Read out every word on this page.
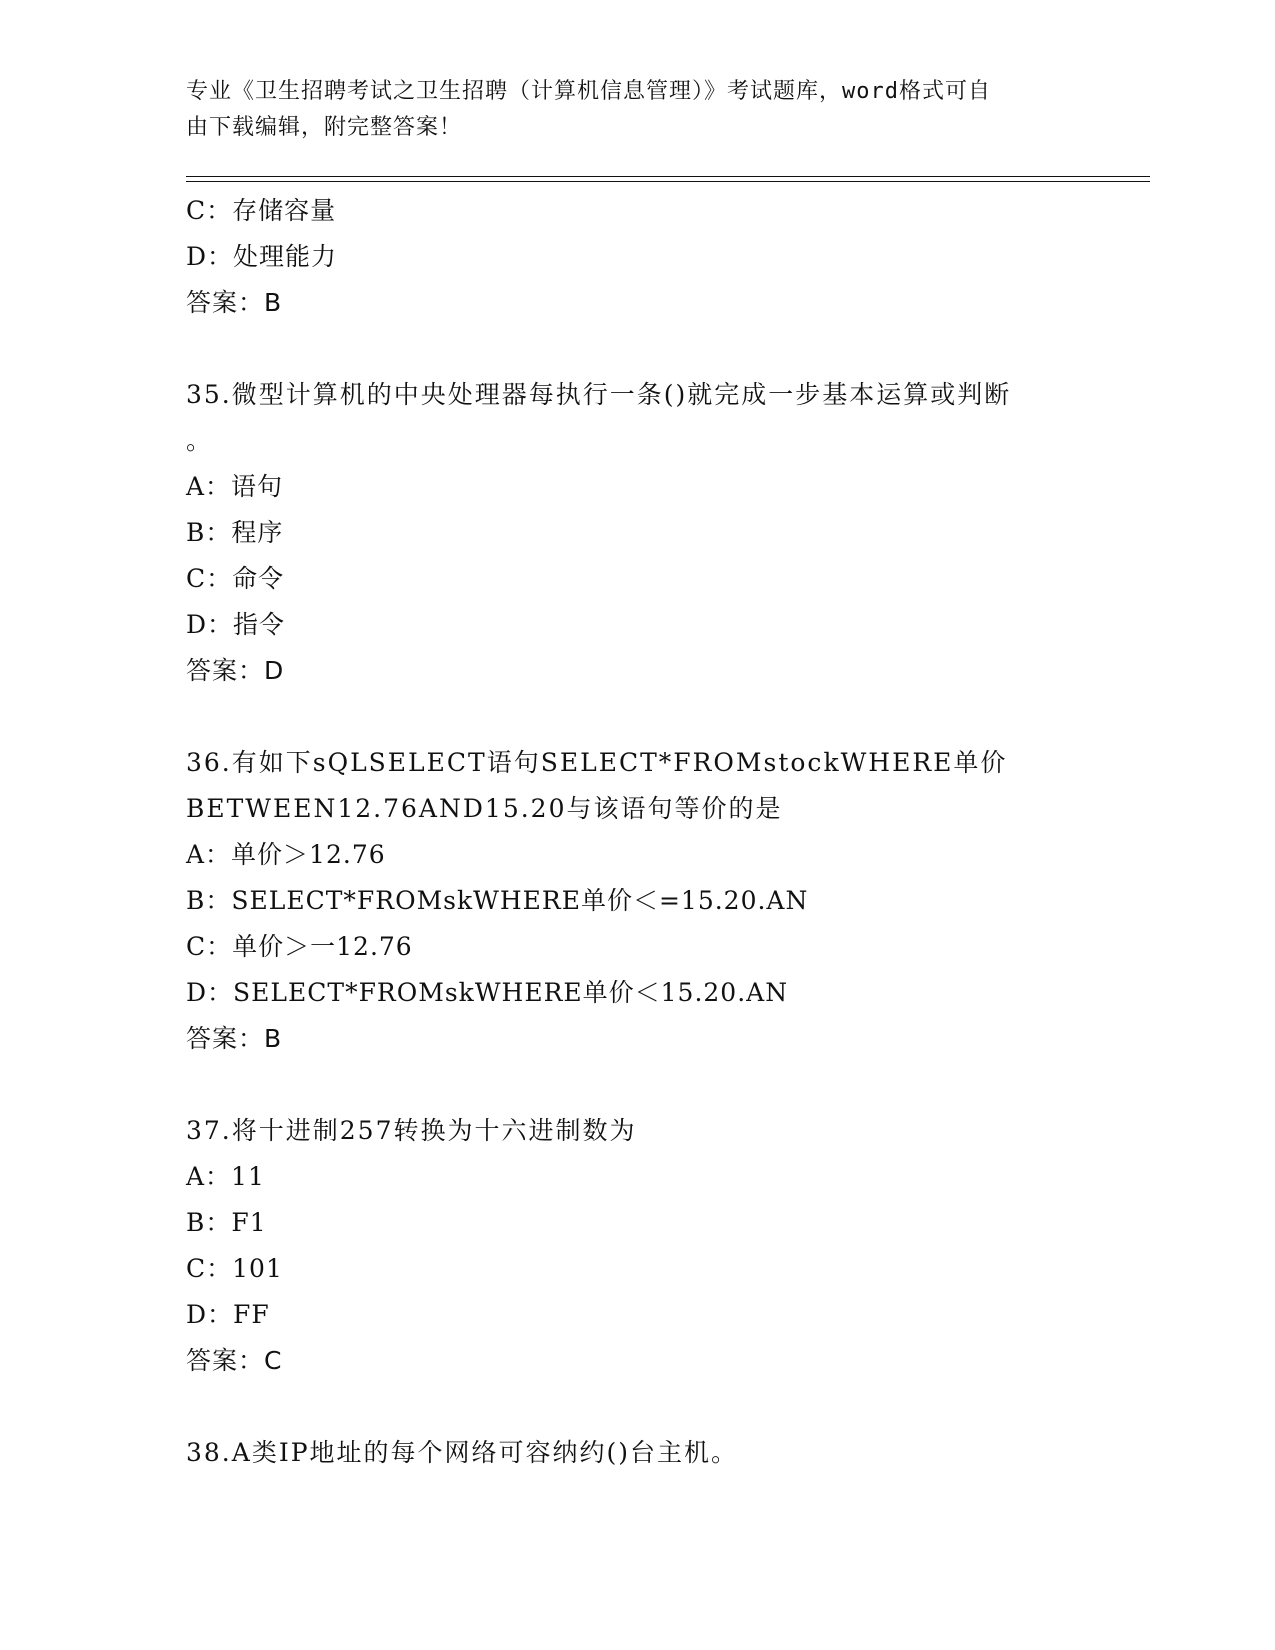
专业《卫生招聘考试之卫生招聘（计算机信息管理）》考试题库，word格式可自
由下载编辑，附完整答案！
C：存储容量
D：处理能力
答案：B
35.微型计算机的中央处理器每执行一条()就完成一步基本运算或判断
。
A：语句
B：程序
C：命令
D：指令
答案：D
36.有如下sQLSELECT语句SELECT*FROMstockWHERE单价
BETWEEN12.76AND15.20与该语句等价的是
A：单价＞12.76
B：SELECT*FROMskWHERE单价＜=15.20.AN
C：单价＞一12.76
D：SELECT*FROMskWHERE单价＜15.20.AN
答案：B
37.将十进制257转换为十六进制数为
A：11
B：F1
C：101
D：FF
答案：C
38.A类IP地址的每个网络可容纳约()台主机。
